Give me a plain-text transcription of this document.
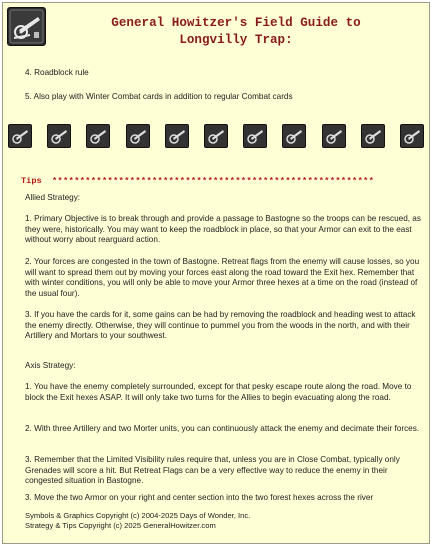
General Howitzer's Field Guide to
Longvilly Trap:
4. Roadblock rule
5. Also play with Winter Combat cards in addition to regular Combat cards
Tips **********************************************************
Allied Strategy:
1. Primary Objective is to break through and provide a passage to Bastogne so the troops can be rescued, as they were, historically. You may want to keep the roadblock in place, so that your Armor can exit to the east without worry about rearguard action.
2. Your forces are congested in the town of Bastogne. Retreat flags from the enemy will cause losses, so you will want to spread them out by moving your forces east along the road toward the Exit hex. Remember that with winter conditions, you will only be able to move your Armor three hexes at a time on the road (instead of the usual four).
3. If you have the cards for it, some gains can be had by removing the roadblock and heading west to attack the enemy directly. Otherwise, they will continue to pummel you from the woods in the north, and with their Artillery and Mortars to your southwest.
Axis Strategy:
1. You have the enemy completely surrounded, except for that pesky escape route along the road. Move to block the Exit hexes ASAP. It will only take two turns for the Allies to begin evacuating along the road.
2. With three Artillery and two Morter units, you can continuously attack the enemy and decimate their forces.
3. Remember that the Limited Visibility rules require that, unless you are in Close Combat, typically only Grenades will score a hit. But Retreat Flags can be a very effective way to reduce the enemy in their congested situation in Bastogne.
3. Move the two Armor on your right and center section into the two forest hexes across the river
Symbols & Graphics Copyright (c) 2004-2025 Days of Wonder, Inc.
Strategy & Tips Copyright (c) 2025 GeneralHowitzer.com
